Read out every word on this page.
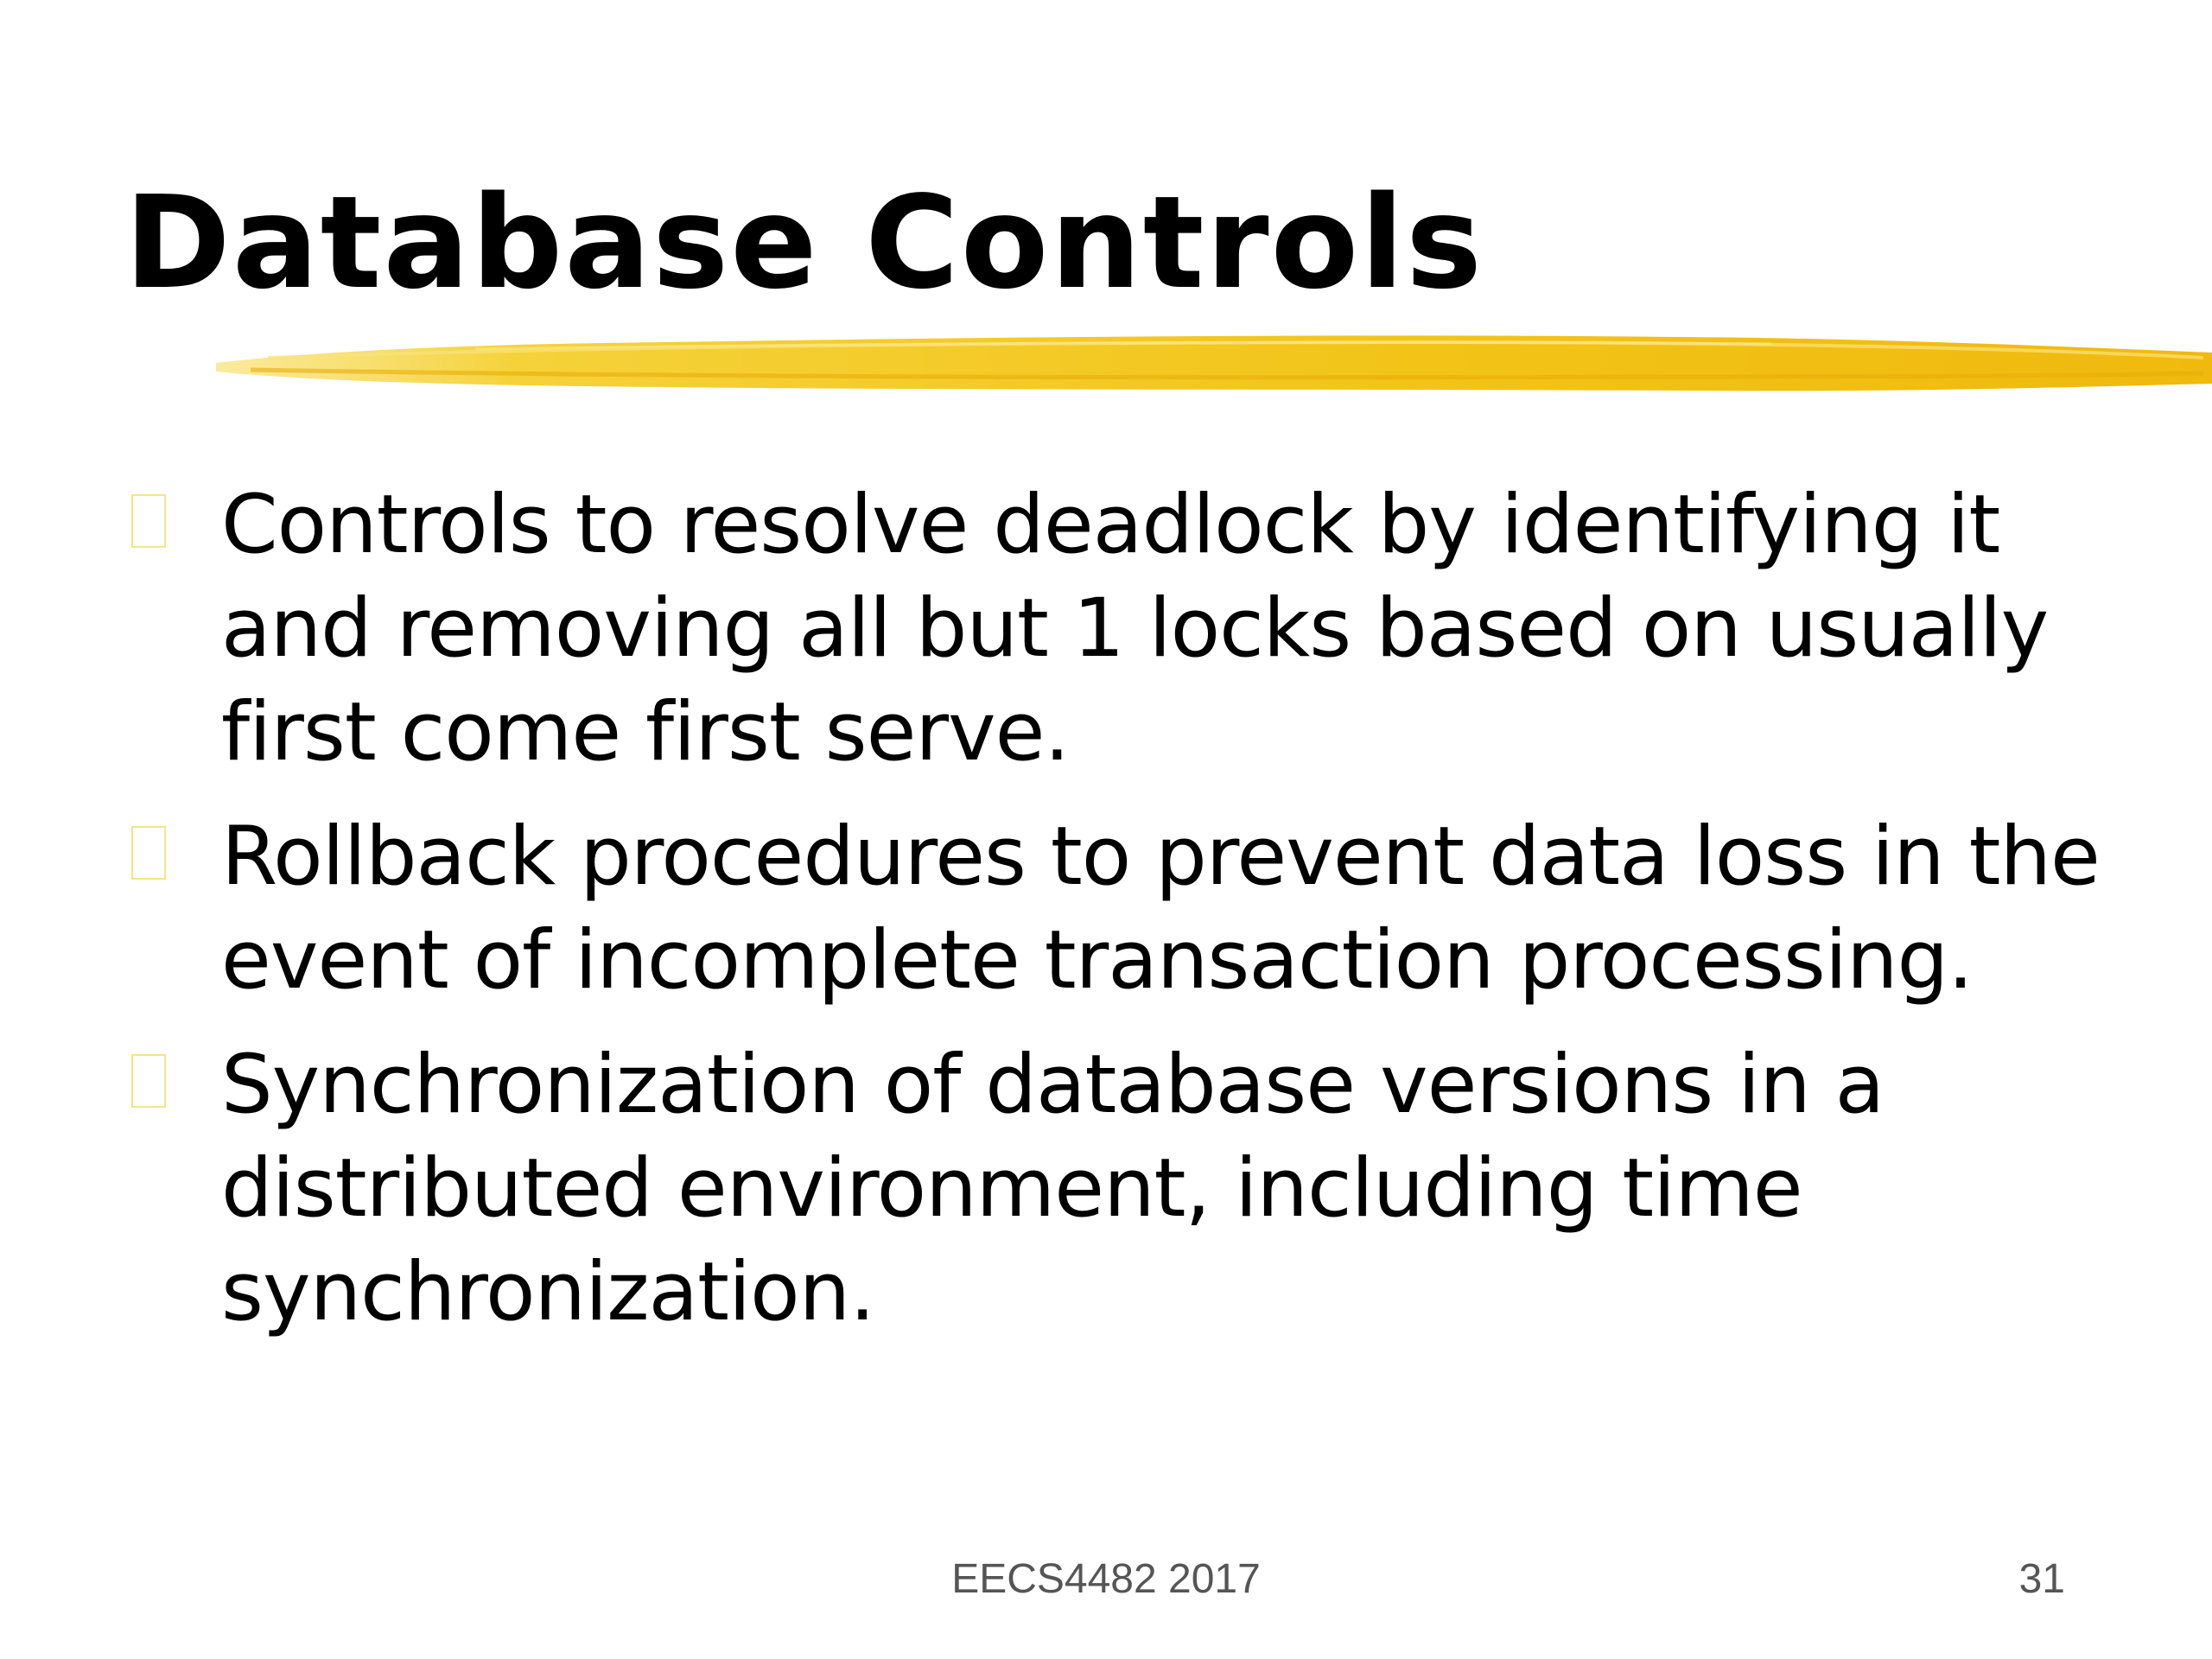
Database Controls
Controls to resolve deadlock by identifying it and removing all but 1 locks based on usually first come first serve.
Rollback procedures to prevent data loss in the event of incomplete transaction processing.
Synchronization of database versions in a distributed environment, including time synchronization.
EECS4482 2017	31
